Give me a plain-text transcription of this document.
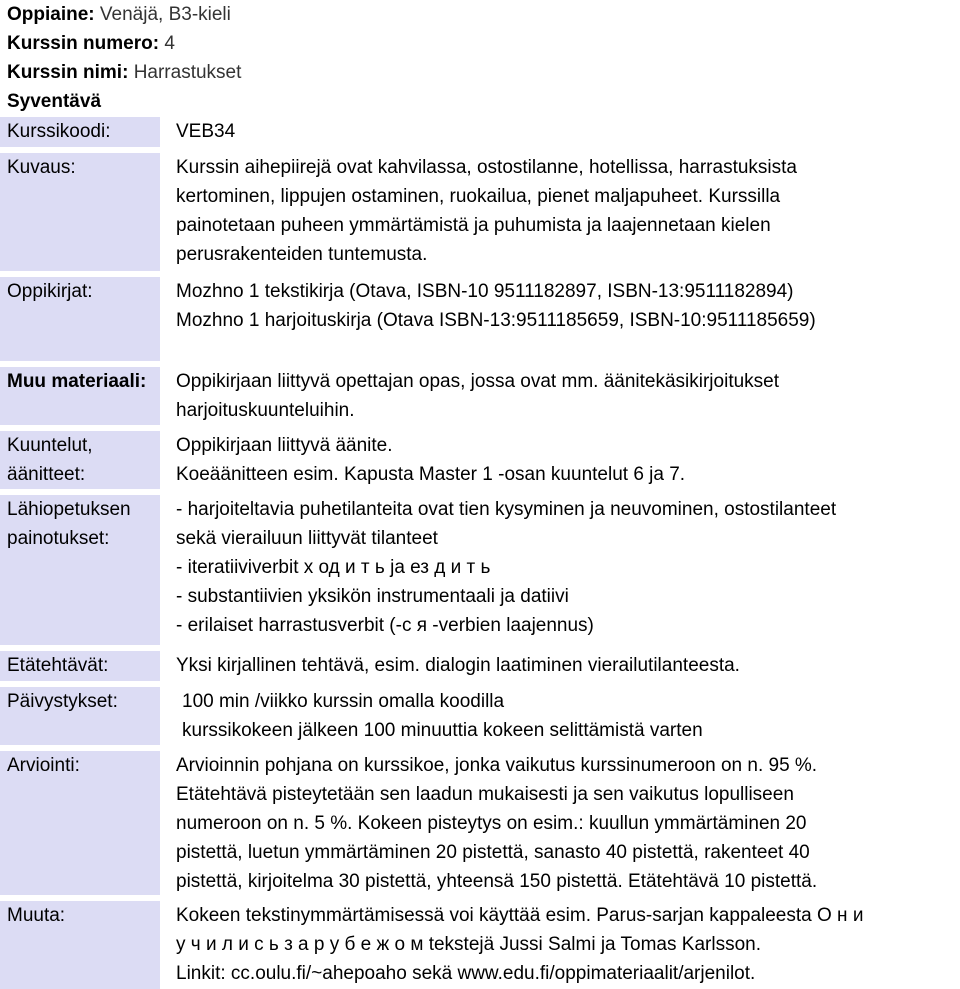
Oppiaine: Venäjä, B3-kieli
Kurssin numero: 4
Kurssin nimi: Harrastukset
Syventävä
Kurssikoodi:	VEB34

Kuvaus:	Kurssin aihepiirejä ovat kahvilassa, ostostilanne, hotellissa, harrastuksista

kertominen, lippujen ostaminen, ruokailua, pienet maljapuheet. Kurssilla

painotetaan puheen ymmärtämistä ja puhumista ja laajennetaan kielen

perusrakenteiden tuntemusta.

Oppikirjat:	Mozhno 1 tekstikirja (Otava, ISBN-10 9511182897, ISBN-13:9511182894)

Mozhno 1 harjoituskirja (Otava ISBN-13:9511185659, ISBN-10:9511185659)

Muu materiaali:	Oppikirjaan liittyvä opettajan opas, jossa ovat mm. äänitekäsikirjoitukset

harjoituskuunteluihin.

Kuuntelut,
äänitteet:

Oppikirjaan liittyvä äänite.

Koeäänitteen esim. Kapusta Master 1 -osan kuuntelut 6 ja 7.

Lähiopetuksen
painotukset:

- harjoiteltavia puhetilanteita ovat tien kysyminen ja neuvominen, ostostilanteet

sekä vierailuun liittyvät tilanteet

- iteratiiviverbit х од и т ь ja ез д и т ь

- substantiivien yksikön instrumentaali ja datiivi

- erilaiset harrastusverbit (-с я -verbien laajennus)

Etätehtävät:	Yksi kirjallinen tehtävä, esim. dialogin laatiminen vierailutilanteesta.

Päivystykset:	100 min /viikko kurssin omalla koodilla

kurssikokeen jälkeen 100 minuuttia kokeen selittämistä varten

Arviointi:	Arvioinnin pohjana on kurssikoe, jonka vaikutus kurssinumeroon on n. 95 %.

Etätehtävä pisteytetään sen laadun mukaisesti ja sen vaikutus lopulliseen

numeroon on n. 5 %. Kokeen pisteytys on esim.: kuullun ymmärtäminen 20

pistettä, luetun ymmärtäminen 20 pistettä, sanasto 40 pistettä, rakenteet 40

pistettä, kirjoitelma 30 pistettä, yhteensä 150 pistettä. Etätehtävä 10 pistettä.

Muuta:	Kokeen tekstinymmärtämisessä voi käyttää esim. Parus-sarjan kappaleesta О н и

у ч и л и с ь з а р у б е ж о м tekstejä Jussi Salmi ja Tomas Karlsson.

Linkit: cc.oulu.fi/~ahepoaho sekä www.edu.fi/oppimateriaalit/arjenilot.
